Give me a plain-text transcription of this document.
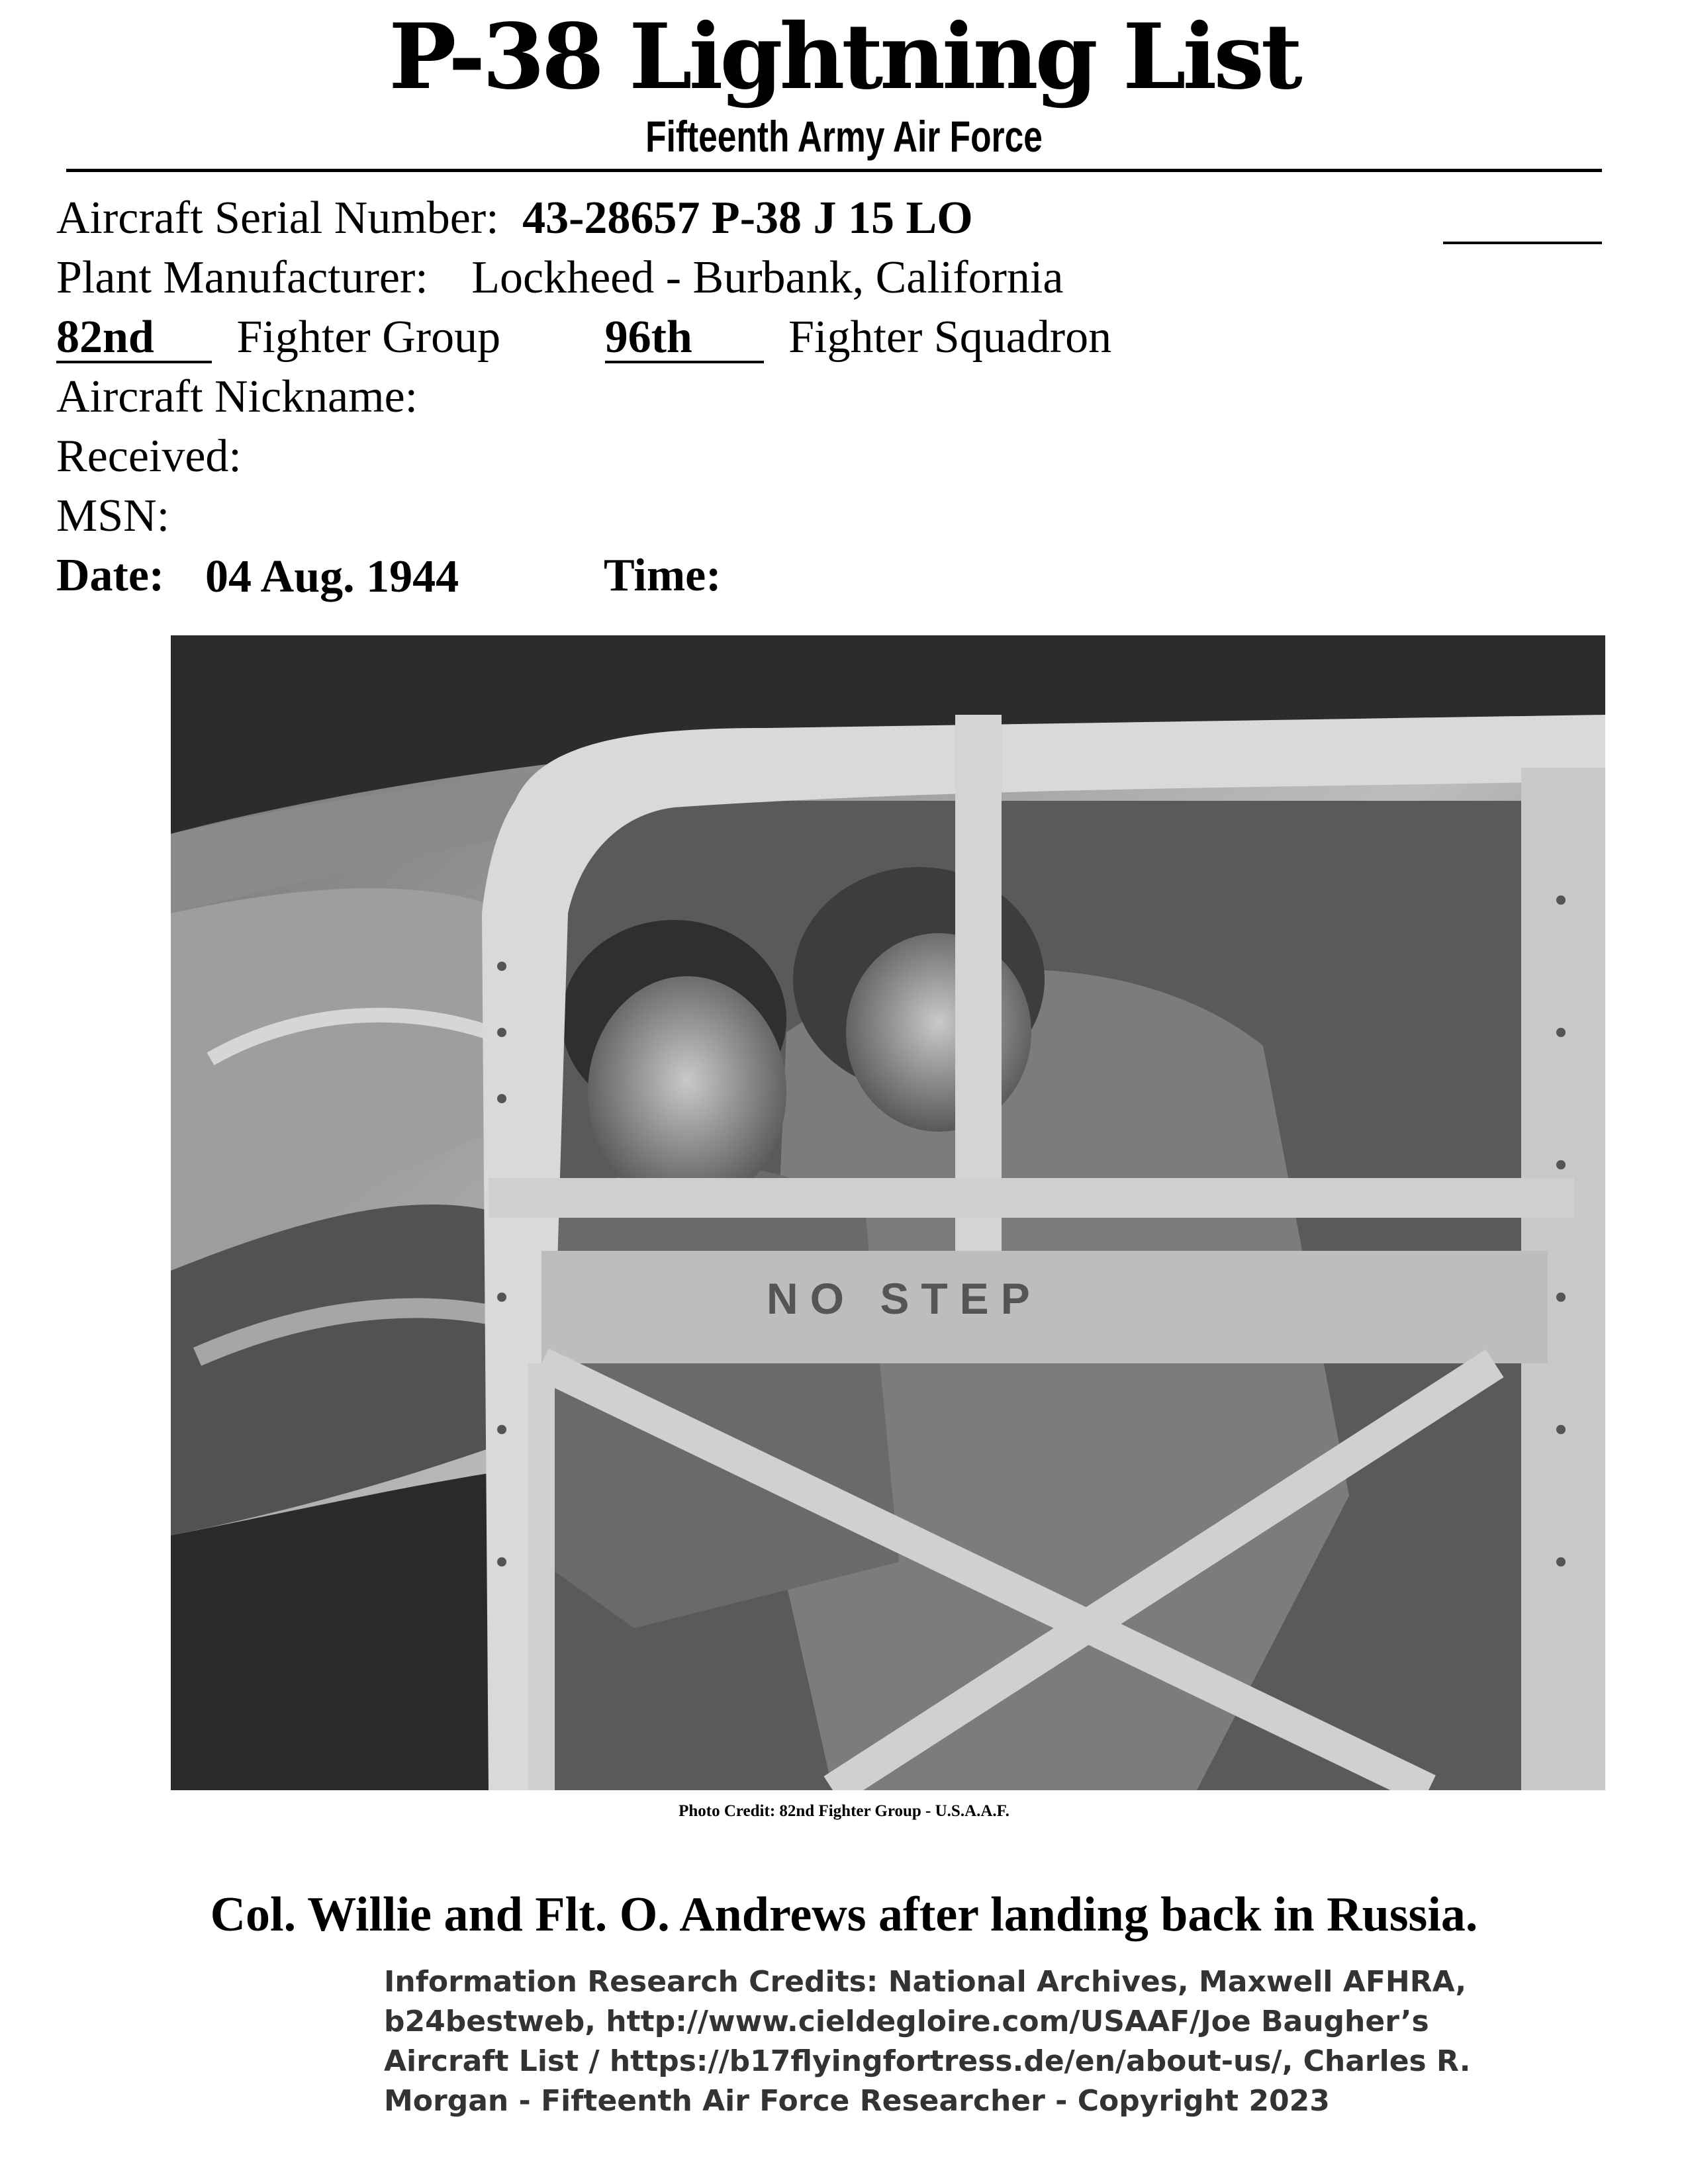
P-38 Lightning List
Fifteenth Army Air Force
Aircraft Serial Number: 43-28657 P-38 J 15 LO
Plant Manufacturer: Lockheed - Burbank, California
82nd Fighter Group 96th Fighter Squadron
Aircraft Nickname:
Received:
MSN:
Date: 04 Aug. 1944	Time:
NO STEP
Photo Credit: 82nd Fighter Group - U.S.A.A.F.
Col. Willie and Flt. O. Andrews after landing back in Russia.
Information Research Credits: National Archives, Maxwell AFHRA,
b24bestweb, http://www.cieldegloire.com/USAAF/Joe Baugher’s
Aircraft List / https://b17flyingfortress.de/en/about-us/, Charles R.
Morgan - Fifteenth Air Force Researcher - Copyright 2023
